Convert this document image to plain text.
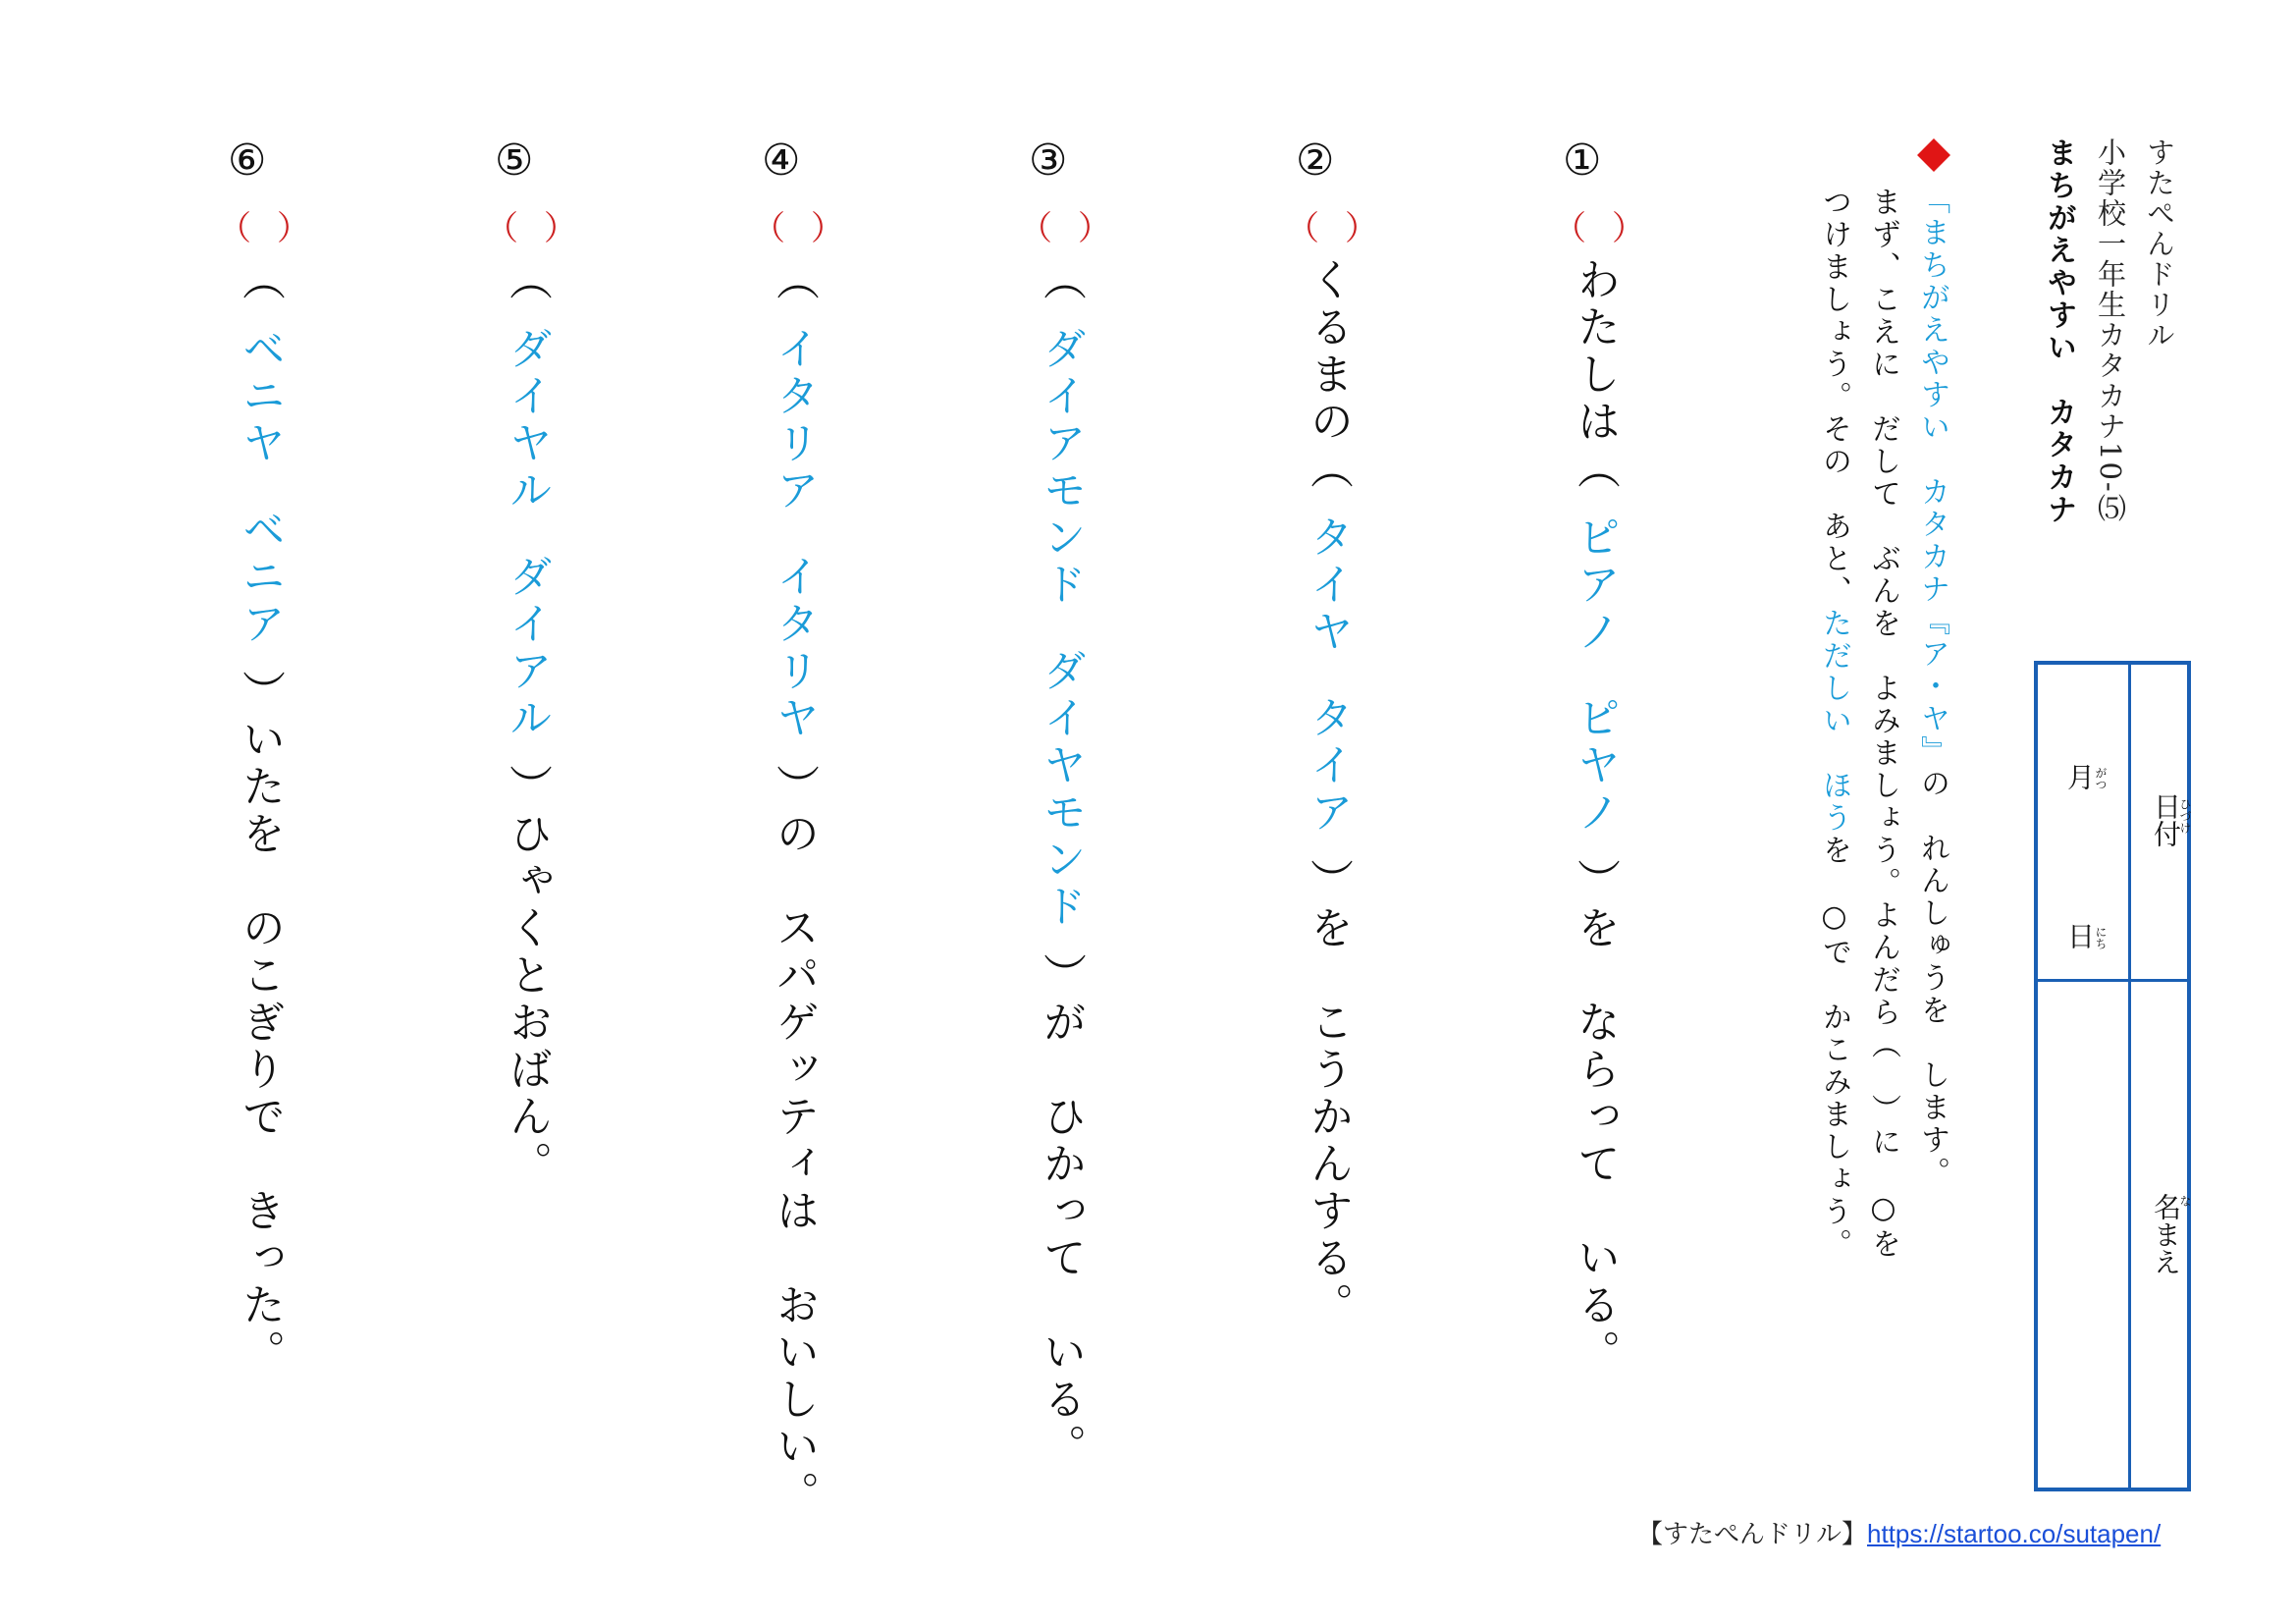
すたぺんドリル
小学校一年生カタカナ10-⑸
まちがえやすい　カタカナ
「まちがえやすい　カタカナ『ア・ヤ』の　れんしゅうを　します。
まず、こえに　だして　ぶんを　よみましょう。よんだら（　）に　○を
つけましょう。その　あと、ただしい　ほうを　○で　かこみましょう。
日付
ひづけ
月
がつ
日
にち
名まえ
な
①
（）
わたしは（ピアノピヤノ）を　ならって　いる。
②
（）
くるまの（タイヤタイア）を　こうかんする。
③
（）
（ダイアモンドダイヤモンド）が　ひかって　いる。
④
（）
（イタリアイタリヤ）の　スパゲッティは　おいしい。
⑤
（）
（ダイヤルダイアル）ひゃくとおばん。
⑥
（）
（ベニヤベニア）いたを　のこぎりで　きった。
【すたぺんドリル】https://startoo.co/sutapen/
